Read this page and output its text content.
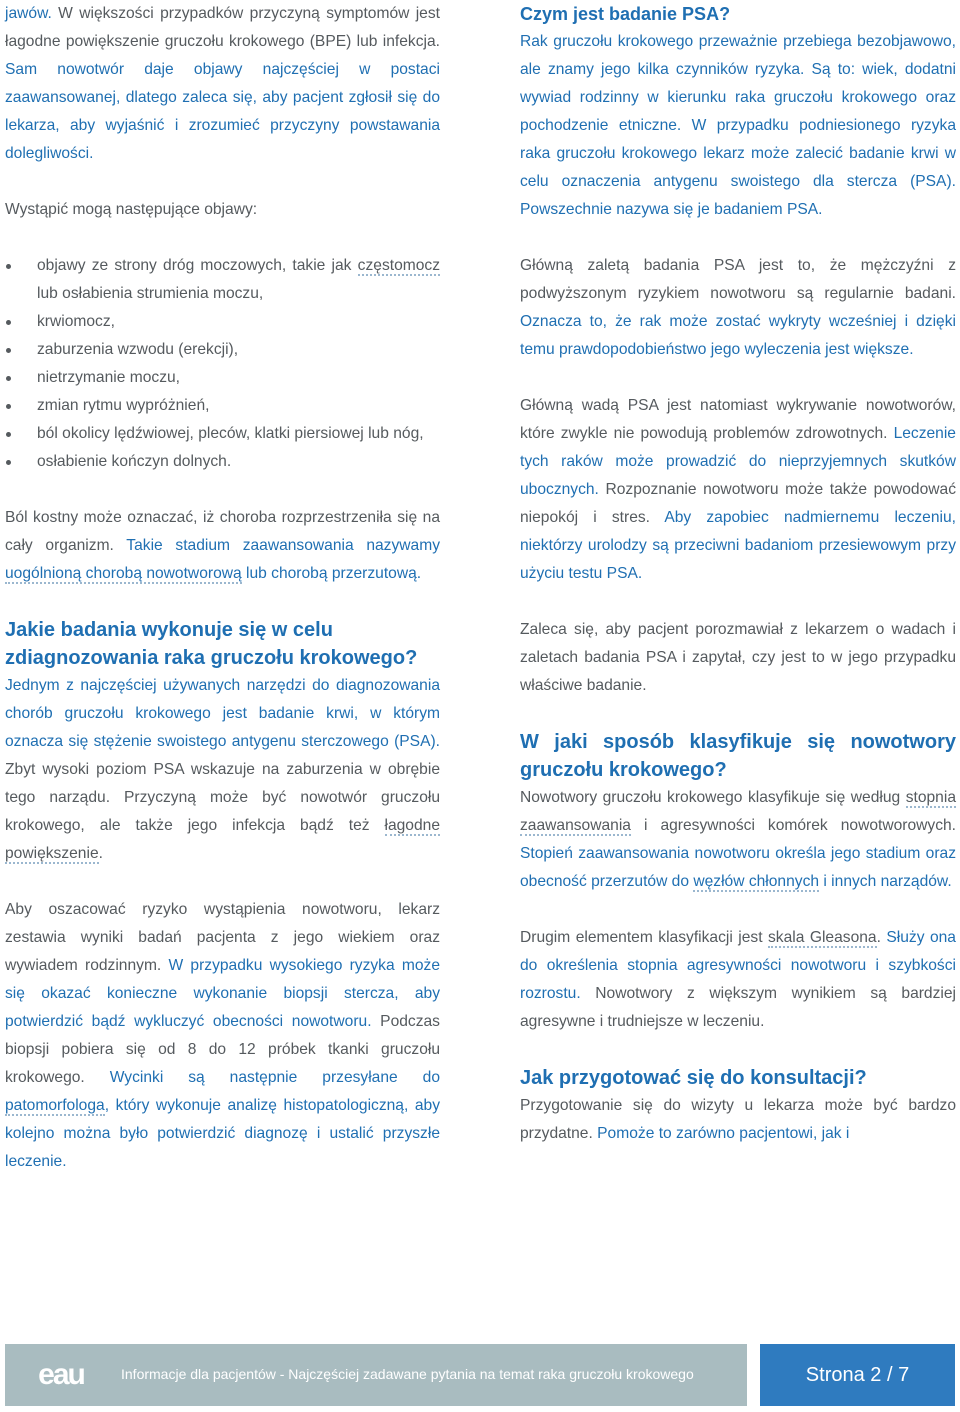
jawów. W większości przypadków przyczyną symptomów jest łagodne powiększenie gruczołu krokowego (BPE) lub infekcja. Sam nowotwór daje objawy najczęściej w postaci zaawansowanej, dlatego zaleca się, aby pacjent zgłosił się do lekarza, aby wyjaśnić i zrozumieć przyczyny powstawania dolegliwości.

Wystąpić mogą następujące objawy:

objawy ze strony dróg moczowych, takie jak częstomocz lub osłabienia strumienia moczu,
krwiomocz,
zaburzenia wzwodu (erekcji),
nietrzymanie moczu,
zmian rytmu wypróżnień,
ból okolicy lędźwiowej, pleców, klatki piersiowej lub nóg,
osłabienie kończyn dolnych.

Ból kostny może oznaczać, iż choroba rozprzestrzeniła się na cały organizm. Takie stadium zaawansowania nazywamy uogólnioną chorobą nowotworową lub chorobą przerzutową.

Jakie badania wykonuje się w celu zdiagnozowania raka gruczołu krokowego?

Jednym z najczęściej używanych narzędzi do diagnozowania chorób gruczołu krokowego jest badanie krwi, w którym oznacza się stężenie swoistego antygenu sterczowego (PSA). Zbyt wysoki poziom PSA wskazuje na zaburzenia w obrębie tego narządu. Przyczyną może być nowotwór gruczołu krokowego, ale także jego infekcja bądź też łagodne powiększenie.

Aby oszacować ryzyko wystąpienia nowotworu, lekarz zestawia wyniki badań pacjenta z jego wiekiem oraz wywiadem rodzinnym. W przypadku wysokiego ryzyka może się okazać konieczne wykonanie biopsji stercza, aby potwierdzić bądź wykluczyć obecności nowotworu. Podczas biopsji pobiera się od 8 do 12 próbek tkanki gruczołu krokowego. Wycinki są następnie przesyłane do patomorfologa, który wykonuje analizę histopatologiczną, aby kolejno można było potwierdzić diagnozę i ustalić przyszłe leczenie.

Czym jest badanie PSA?

Rak gruczołu krokowego przeważnie przebiega bezobjawowo, ale znamy jego kilka czynników ryzyka. Są to: wiek, dodatni wywiad rodzinny w kierunku raka gruczołu krokowego oraz pochodzenie etniczne. W przypadku podniesionego ryzyka raka gruczołu krokowego lekarz może zalecić badanie krwi w celu oznaczenia antygenu swoistego dla stercza (PSA). Powszechnie nazywa się je badaniem PSA.

Główną zaletą badania PSA jest to, że mężczyźni z podwyższonym ryzykiem nowotworu są regularnie badani. Oznacza to, że rak może zostać wykryty wcześniej i dzięki temu prawdopodobieństwo jego wyleczenia jest większe.

Główną wadą PSA jest natomiast wykrywanie nowotworów, które zwykle nie powodują problemów zdrowotnych. Leczenie tych raków może prowadzić do nieprzyjemnych skutków ubocznych. Rozpoznanie nowotworu może także powodować niepokój i stres. Aby zapobiec nadmiernemu leczeniu, niektórzy urolodzy są przeciwni badaniom przesiewowym przy użyciu testu PSA.

Zaleca się, aby pacjent porozmawiał z lekarzem o wadach i zaletach badania PSA i zapytał, czy jest to w jego przypadku właściwe badanie.

W jaki sposób klasyfikuje się nowotwory gruczołu krokowego?

Nowotwory gruczołu krokowego klasyfikuje się według stopnia zaawansowania i agresywności komórek nowotworowych. Stopień zaawansowania nowotworu określa jego stadium oraz obecność przerzutów do węzłów chłonnych i innych narządów.

Drugim elementem klasyfikacji jest skala Gleasona. Służy ona do określenia stopnia agresywności nowotworu i szybkości rozrostu. Nowotwory z większym wynikiem są bardziej agresywne i trudniejsze w leczeniu.

Jak przygotować się do konsultacji?

Przygotowanie się do wizyty u lekarza może być bardzo przydatne. Pomoże to zarówno pacjentowi, jak i

eau	Informacje dla pacjentów - Najczęściej zadawane pytania na temat raka gruczołu krokowego	Strona 2 / 7
